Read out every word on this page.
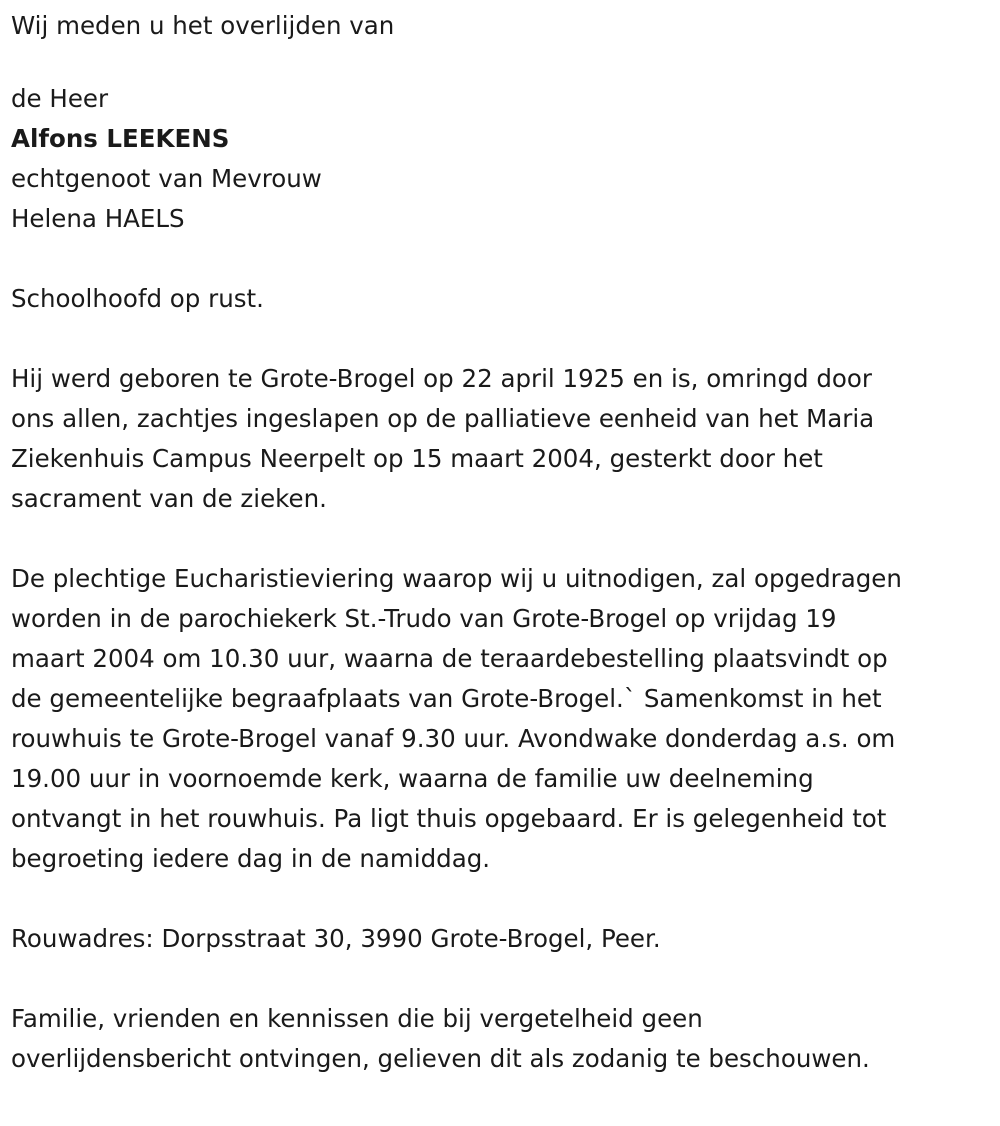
Wij meden u het overlijden van
de Heer
Alfons LEEKENS
echtgenoot van Mevrouw
Helena HAELS
Schoolhoofd op rust.
Hij werd geboren te Grote-Brogel op 22 april 1925 en is, omringd door
ons allen, zachtjes ingeslapen op de palliatieve eenheid van het Maria
Ziekenhuis Campus Neerpelt op 15 maart 2004, gesterkt door het
sacrament van de zieken.
De plechtige Eucharistieviering waarop wij u uitnodigen, zal opgedragen
worden in de parochiekerk St.-Trudo van Grote-Brogel op vrijdag 19
maart 2004 om 10.30 uur, waarna de teraardebestelling plaatsvindt op
de gemeentelijke begraafplaats van Grote-Brogel.` Samenkomst in het
rouwhuis te Grote-Brogel vanaf 9.30 uur. Avondwake donderdag a.s. om
19.00 uur in voornoemde kerk, waarna de familie uw deelneming
ontvangt in het rouwhuis. Pa ligt thuis opgebaard. Er is gelegenheid tot
begroeting iedere dag in de namiddag.
Rouwadres: Dorpsstraat 30, 3990 Grote-Brogel, Peer.
Familie, vrienden en kennissen die bij vergetelheid geen
overlijdensbericht ontvingen, gelieven dit als zodanig te beschouwen.
